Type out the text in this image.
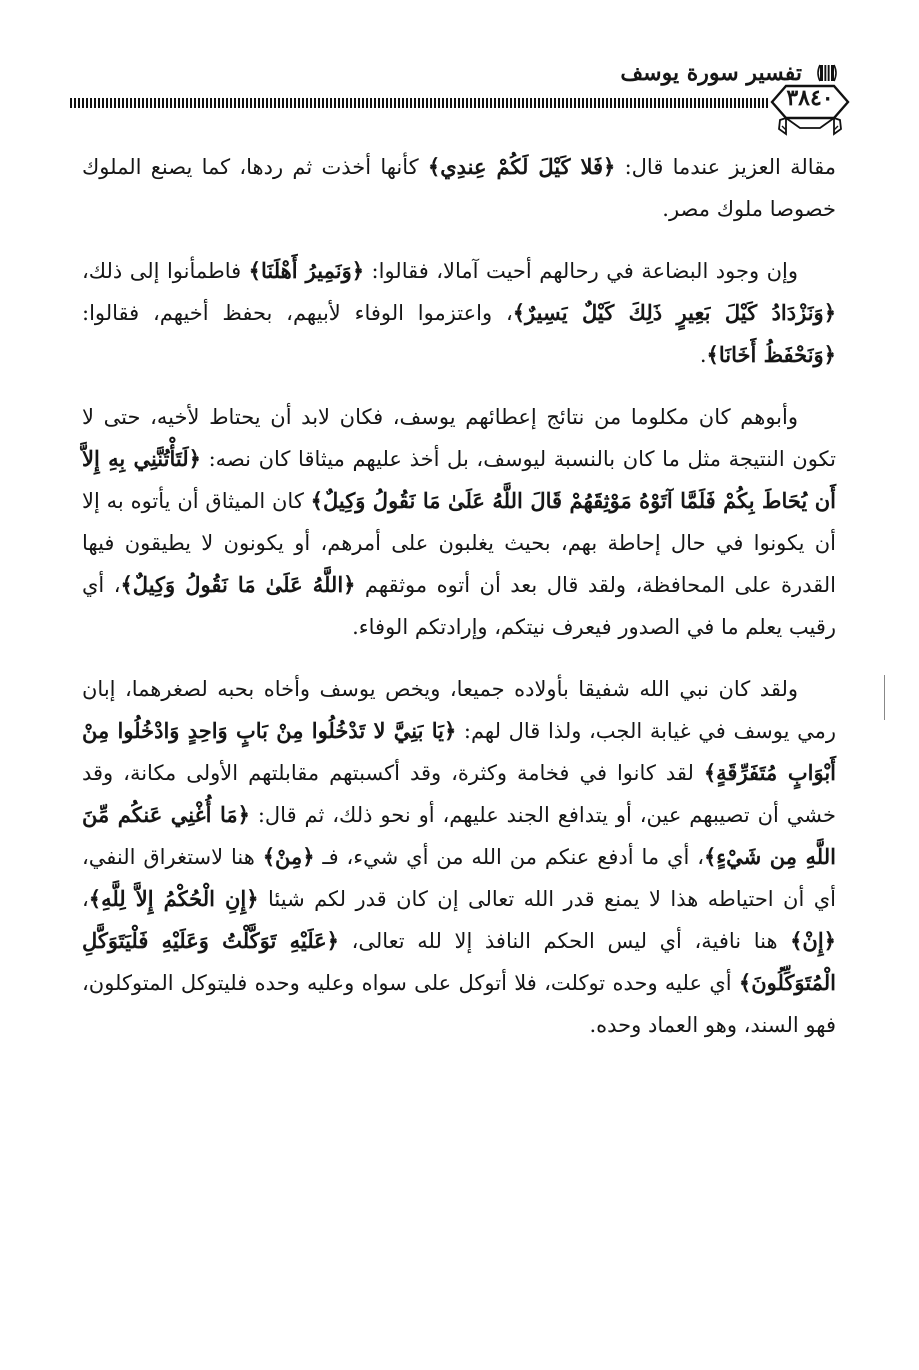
تفسير سورة يوسف
٣٨٤٠

مقالة العزيز عندما قال: ﴿فَلا كَيْلَ لَكُمْ عِندِي﴾ كأنها أخذت ثم ردها، كما يصنع الملوك خصوصا ملوك مصر.

وإن وجود البضاعة في رحالهم أحيت آمالا، فقالوا: ﴿وَنَمِيرُ أَهْلَنَا﴾ فاطمأنوا إلى ذلك، ﴿وَنَزْدَادُ كَيْلَ بَعِيرٍ ذَلِكَ كَيْلٌ يَسِيرٌ﴾، واعتزموا الوفاء لأبيهم، بحفظ أخيهم، فقالوا: ﴿وَنَحْفَظُ أَخَانَا﴾.

وأبوهم كان مكلوما من نتائج إعطائهم يوسف، فكان لابد أن يحتاط لأخيه، حتى لا تكون النتيجة مثل ما كان بالنسبة ليوسف، بل أخذ عليهم ميثاقا كان نصه: ﴿لَتَأْتُنَّنِي بِهِ إِلاَّ أَن يُحَاطَ بِكُمْ فَلَمَّا آتَوْهُ مَوْثِقَهُمْ قَالَ اللَّهُ عَلَىٰ مَا نَقُولُ وَكِيلٌ﴾ كان الميثاق أن يأتوه به إلا أن يكونوا في حال إحاطة بهم، بحيث يغلبون على أمرهم، أو يكونون لا يطيقون فيها القدرة على المحافظة، ولقد قال بعد أن أتوه موثقهم ﴿اللَّهُ عَلَىٰ مَا نَقُولُ وَكِيلٌ﴾، أي رقيب يعلم ما في الصدور فيعرف نيتكم، وإرادتكم الوفاء.

ولقد كان نبي الله شفيقا بأولاده جميعا، ويخص يوسف وأخاه بحبه لصغرهما، إبان رمي يوسف في غيابة الجب، ولذا قال لهم: ﴿يَا بَنِيَّ لا تَدْخُلُوا مِنْ بَابٍ وَاحِدٍ وَادْخُلُوا مِنْ أَبْوَابٍ مُتَفَرِّقَةٍ﴾ لقد كانوا في فخامة وكثرة، وقد أكسبتهم مقابلتهم الأولى مكانة، وقد خشي أن تصيبهم عين، أو يتدافع الجند عليهم، أو نحو ذلك، ثم قال: ﴿مَا أُغْنِي عَنكُم مِّنَ اللَّهِ مِن شَيْءٍ﴾، أي ما أدفع عنكم من الله من أي شيء، فـ ﴿مِنْ﴾ هنا لاستغراق النفي، أي أن احتياطه هذا لا يمنع قدر الله تعالى إن كان قدر لكم شيئا ﴿إِنِ الْحُكْمُ إِلاَّ لِلَّهِ﴾، ﴿إِنْ﴾ هنا نافية، أي ليس الحكم النافذ إلا لله تعالى، ﴿عَلَيْهِ تَوَكَّلْتُ وَعَلَيْهِ فَلْيَتَوَكَّلِ الْمُتَوَكِّلُونَ﴾ أي عليه وحده توكلت، فلا أتوكل على سواه وعليه وحده فليتوكل المتوكلون، فهو السند، وهو العماد وحده.
